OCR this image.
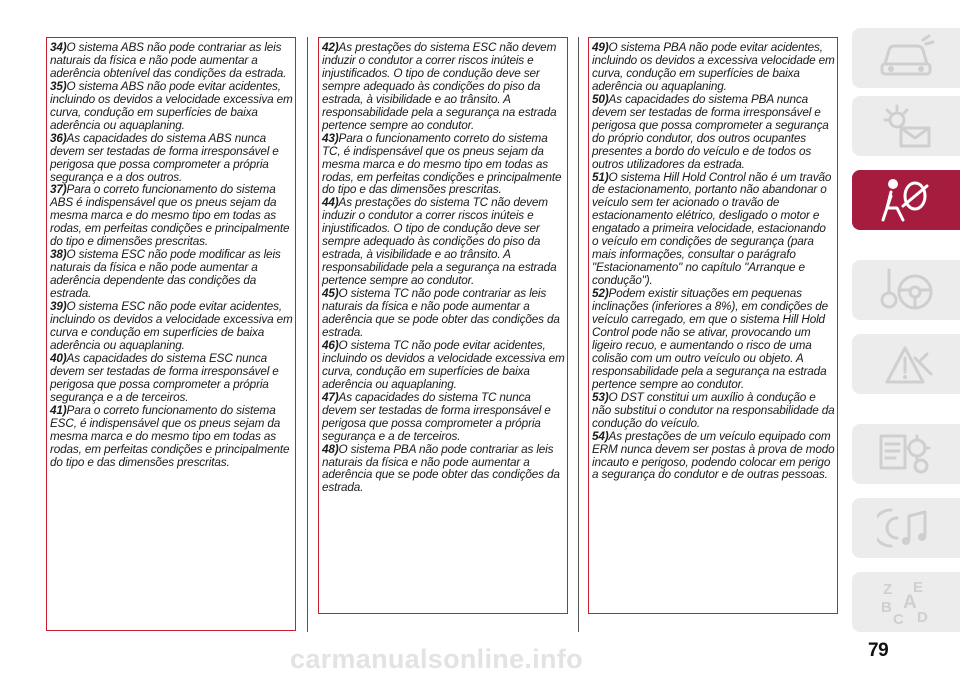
34)O sistema ABS não pode contrariar as leis naturais da física e não pode aumentar a aderência obtenível das condições da estrada.

35)O sistema ABS não pode evitar acidentes, incluindo os devidos a velocidade excessiva em curva, condução em superfícies de baixa aderência ou aquaplaning.

36)As capacidades do sistema ABS nunca devem ser testadas de forma irresponsável e perigosa que possa comprometer a própria segurança e a dos outros.

37)Para o correto funcionamento do sistema ABS é indispensável que os pneus sejam da mesma marca e do mesmo tipo em todas as rodas, em perfeitas condições e principalmente do tipo e dimensões prescritas.

38)O sistema ESC não pode modificar as leis naturais da física e não pode aumentar a aderência dependente das condições da estrada.

39)O sistema ESC não pode evitar acidentes, incluindo os devidos a velocidade excessiva em curva e condução em superfícies de baixa aderência ou aquaplaning.

40)As capacidades do sistema ESC nunca devem ser testadas de forma irresponsável e perigosa que possa comprometer a própria segurança e a de terceiros.

41)Para o correto funcionamento do sistema ESC, é indispensável que os pneus sejam da mesma marca e do mesmo tipo em todas as rodas, em perfeitas condições e principalmente do tipo e das dimensões prescritas.

42)As prestações do sistema ESC não devem induzir o condutor a correr riscos inúteis e injustificados. O tipo de condução deve ser sempre adequado às condições do piso da estrada, à visibilidade e ao trânsito. A responsabilidade pela a segurança na estrada pertence sempre ao condutor.

43)Para o funcionamento correto do sistema TC, é indispensável que os pneus sejam da mesma marca e do mesmo tipo em todas as rodas, em perfeitas condições e principalmente do tipo e das dimensões prescritas.

44)As prestações do sistema TC não devem induzir o condutor a correr riscos inúteis e injustificados. O tipo de condução deve ser sempre adequado às condições do piso da estrada, à visibilidade e ao trânsito. A responsabilidade pela a segurança na estrada pertence sempre ao condutor.

45)O sistema TC não pode contrariar as leis naturais da física e não pode aumentar a aderência que se pode obter das condições da estrada.

46)O sistema TC não pode evitar acidentes, incluindo os devidos a velocidade excessiva em curva, condução em superfícies de baixa aderência ou aquaplaning.

47)As capacidades do sistema TC nunca devem ser testadas de forma irresponsável e perigosa que possa comprometer a própria segurança e a de terceiros.

48)O sistema PBA não pode contrariar as leis naturais da física e não pode aumentar a aderência que se pode obter das condições da estrada.

49)O sistema PBA não pode evitar acidentes, incluindo os devidos a excessiva velocidade em curva, condução em superfícies de baixa aderência ou aquaplaning.

50)As capacidades do sistema PBA nunca devem ser testadas de forma irresponsável e perigosa que possa comprometer a segurança do próprio condutor, dos outros ocupantes presentes a bordo do veículo e de todos os outros utilizadores da estrada.

51)O sistema Hill Hold Control não é um travão de estacionamento, portanto não abandonar o veículo sem ter acionado o travão de estacionamento elétrico, desligado o motor e engatado a primeira velocidade, estacionando o veículo em condições de segurança (para mais informações, consultar o parágrafo "Estacionamento" no capítulo "Arranque e condução").

52)Podem existir situações em pequenas inclinações (inferiores a 8%), em condições de veículo carregado, em que o sistema Hill Hold Control pode não se ativar, provocando um ligeiro recuo, e aumentando o risco de uma colisão com um outro veículo ou objeto. A responsabilidade pela a segurança na estrada pertence sempre ao condutor.

53)O DST constitui um auxílio à condução e não substitui o condutor na responsabilidade da condução do veículo.

54)As prestações de um veículo equipado com ERM nunca devem ser postas à prova de modo incauto e perigoso, podendo colocar em perigo a segurança do condutor e de outras pessoas.

Z E
B A
C D
carmanualsonline.info	79
